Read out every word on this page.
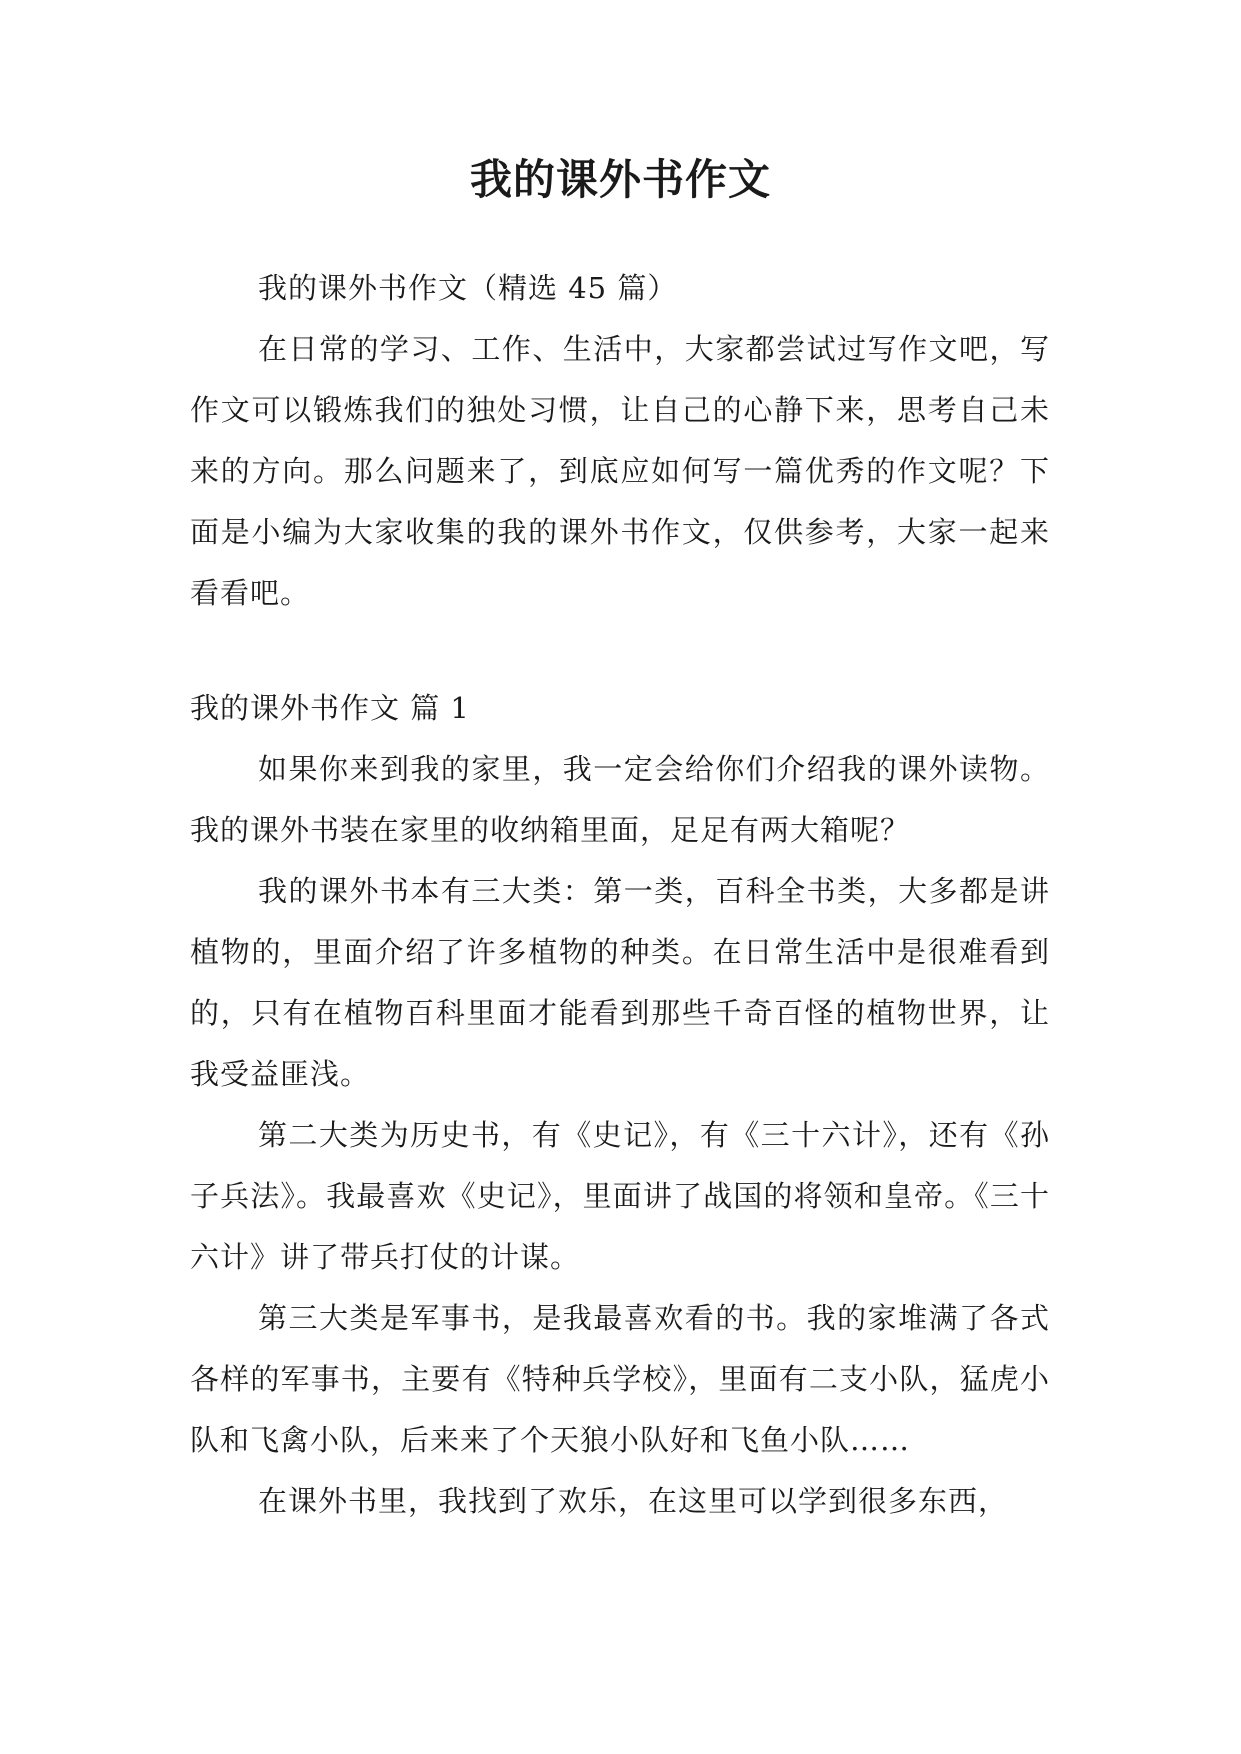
我的课外书作文

我的课外书作文（精选 45 篇）

在日常的学习、工作、生活中，大家都尝试过写作文吧，写作文可以锻炼我们的独处习惯，让自己的心静下来，思考自己未来的方向。那么问题来了，到底应如何写一篇优秀的作文呢？下面是小编为大家收集的我的课外书作文，仅供参考，大家一起来看看吧。

我的课外书作文 篇 1

如果你来到我的家里，我一定会给你们介绍我的课外读物。我的课外书装在家里的收纳箱里面，足足有两大箱呢？

我的课外书本有三大类：第一类，百科全书类，大多都是讲植物的，里面介绍了许多植物的种类。在日常生活中是很难看到的，只有在植物百科里面才能看到那些千奇百怪的植物世界，让我受益匪浅。

第二大类为历史书，有《史记》，有《三十六计》，还有《孙子兵法》。我最喜欢《史记》，里面讲了战国的将领和皇帝。《三十六计》讲了带兵打仗的计谋。

第三大类是军事书，是我最喜欢看的书。我的家堆满了各式各样的军事书，主要有《特种兵学校》，里面有二支小队，猛虎小队和飞禽小队，后来来了个天狼小队好和飞鱼小队……

在课外书里，我找到了欢乐，在这里可以学到很多东西，
